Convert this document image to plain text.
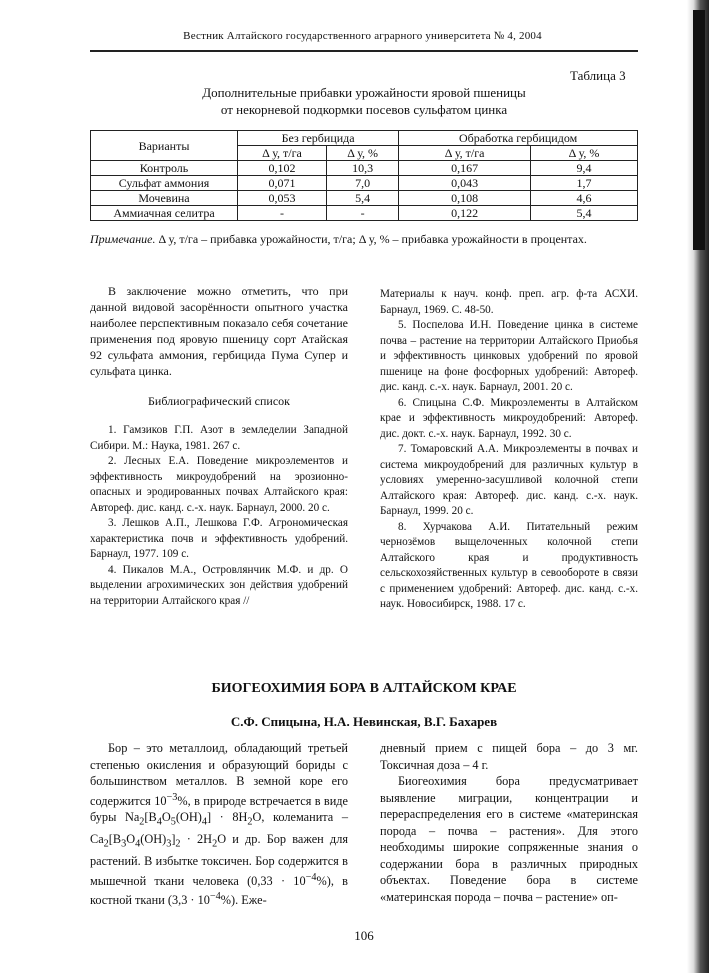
Вестник Алтайского государственного аграрного университета № 4, 2004
Таблица 3
Дополнительные прибавки урожайности яровой пшеницы
от некорневой подкормки посевов сульфатом цинка
Варианты	Без гербицида		Обработка гербицидом	
	Δ у, т/га	Δ у, %	Δ у, т/га	Δ у, %
Контроль	0,102	10,3	0,167	9,4
Сульфат аммония	0,071	7,0	0,043	1,7
Мочевина	0,053	5,4	0,108	4,6
Аммиачная селитра	-	-	0,122	5,4
Примечание. Δ у, т/га – прибавка урожайности, т/га; Δ у, % – прибавка урожайности в процентах.

В заключение можно отметить, что при данной видовой засорённости опытного участка наиболее перспективным показало себя сочетание применения под яровую пшеницу сорт Атайская 92 сульфата аммония, гербицида Пума Супер и сульфата цинка.

Библиографический список

1. Гамзиков Г.П. Азот в земледелии Западной Сибири. М.: Наука, 1981. 267 с.

2. Лесных Е.А. Поведение микроэлементов и эффективность микроудобрений на эрозионно-опасных и эродированных почвах Алтайского края: Автореф. дис. канд. с.-х. наук. Барнаул, 2000. 20 с.

3. Лешков А.П., Лешкова Г.Ф. Агрономическая характеристика почв и эффективность удобрений. Барнаул, 1977. 109 с.

4. Пикалов М.А., Островлянчик М.Ф. и др. О выделении агрохимических зон действия удобрений на территории Алтайского края //

Материалы к науч. конф. преп. агр. ф-та АСХИ. Барнаул, 1969. С. 48-50.

5. Поспелова И.Н. Поведение цинка в системе почва – растение на территории Алтайского Приобья и эффективность цинковых удобрений по яровой пшенице на фоне фосфорных удобрений: Автореф. дис. канд. с.-х. наук. Барнаул, 2001. 20 с.

6. Спицына С.Ф. Микроэлементы в Алтайском крае и эффективность микроудобрений: Автореф. дис. докт. с.-х. наук. Барнаул, 1992. 30 с.

7. Томаровский А.А. Микроэлементы в почвах и система микроудобрений для различных культур в условиях умеренно-засушливой колочной степи Алтайского края: Автореф. дис. канд. с.-х. наук. Барнаул, 1999. 20 с.

8. Хурчакова А.И. Питательный режим чернозёмов выщелоченных колочной степи Алтайского края и продуктивность сельскохозяйственных культур в севообороте в связи с применением удобрений: Автореф. дис. канд. с.-х. наук. Новосибирск, 1988. 17 с.

БИОГЕОХИМИЯ БОРА В АЛТАЙСКОМ КРАЕ
С.Ф. Спицына, Н.А. Невинская, В.Г. Бахарев

Бор – это металлоид, обладающий третьей степенью окисления и образующий бориды с большинством металлов. В земной коре его содержится $10^{-3}\%$, в природе встречается в виде буры $Na_2[B_4O_5(OH)_4] \cdot 8H_2O$, колеманита – $Ca_2[B_3O_4(OH)_3]_2 \cdot 2H_2O$ и др. Бор важен для растений. В избытке токсичен. Бор содержится в мышечной ткани человека $(0,33 \cdot 10^{-4}\%)$, в костной ткани $(3,3 \cdot 10^{-4}\%)$. Еже-

дневный прием с пищей бора – до 3 мг. Токсичная доза – 4 г.

Биогеохимия бора предусматривает выявление миграции, концентрации и перераспределения его в системе «материнская порода – почва – растения». Для этого необходимы широкие сопряженные знания о содержании бора в различных природных объектах. Поведение бора в системе «материнская порода – почва – растение» оп-

106
